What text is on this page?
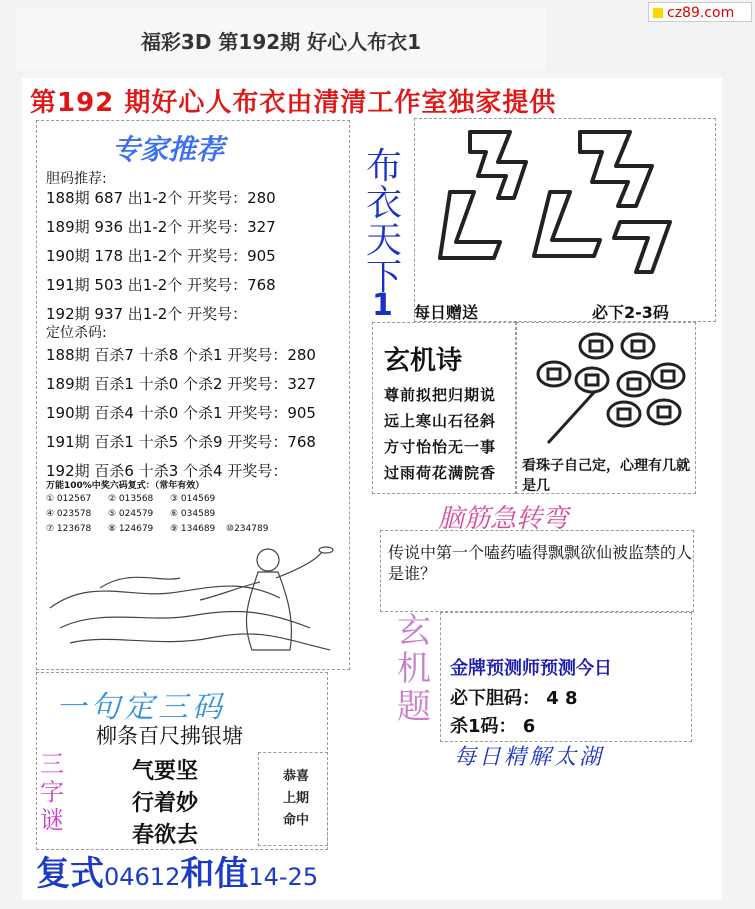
cz89.com
福彩3D 第192期 好心人布衣1
第192 期好心人布衣由清清工作室独家提供
专家推荐
胆码推荐:
188期 687 出1-2个 开奖号：280
189期 936 出1-2个 开奖号：327
190期 178 出1-2个 开奖号：905
191期 503 出1-2个 开奖号：768
192期 937 出1-2个 开奖号：
定位杀码:
188期 百杀7 十杀8 个杀1 开奖号：280
189期 百杀1 十杀0 个杀2 开奖号：327
190期 百杀4 十杀0 个杀1 开奖号：905
191期 百杀1 十杀5 个杀9 开奖号：768
192期 百杀6 十杀3 个杀4 开奖号：
万能100%中奖六码复式：（常年有效）
① 012567 ② 013568 ③ 014569
④ 023578 ⑤ 024579 ⑥ 034589
⑦ 123678 ⑧ 124679 ⑨ 134689 ⑩234789
布衣天下
1 每日赠送	必下2-3码
玄机诗
尊前拟把归期说
远上寒山石径斜
方寸怡怡无一事
过雨荷花满院香 看珠子自己定，心理有几就是几
脑筋急转弯
传说中第一个嗑药嗑得飘飘欲仙被监禁的人是谁？
玄机题
金牌预测师预测今日
必下胆码： 4 8
杀1码： 6
每日精解太湖
一句定三码
柳条百尺拂银塘
三字谜
气要坚
行着妙
春欲去
恭喜
上期
命中
复式04612和值14-25
